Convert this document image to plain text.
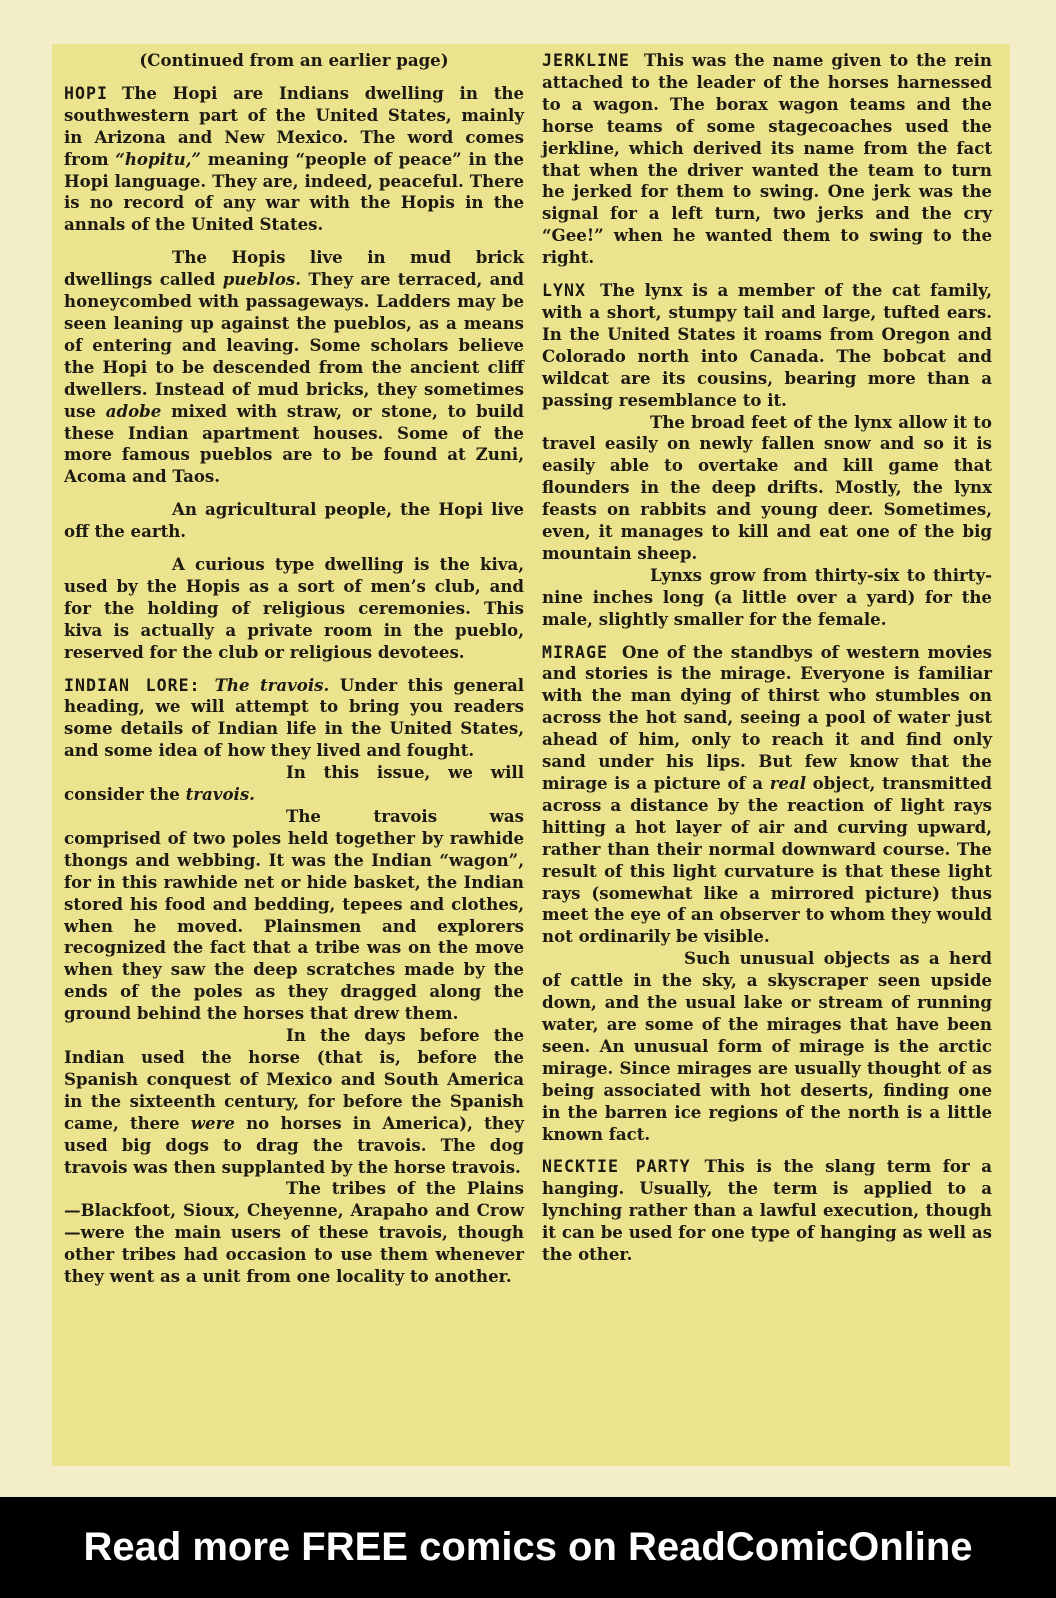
(Continued from an earlier page)

HOPI The Hopi are Indians dwelling in the southwestern part of the United States, mainly in Arizona and New Mexico. The word comes from “hopitu,” meaning “people of peace” in the Hopi language. They are, indeed, peaceful. There is no record of any war with the Hopis in the annals of the United States.

The Hopis live in mud brick dwellings called pueblos. They are terraced, and honeycombed with passageways. Ladders may be seen leaning up against the pueblos, as a means of entering and leaving. Some scholars believe the Hopi to be descended from the ancient cliff dwellers. Instead of mud bricks, they sometimes use adobe mixed with straw, or stone, to build these Indian apartment houses. Some of the more famous pueblos are to be found at Zuni, Acoma and Taos.

An agricultural people, the Hopi live off the earth.

A curious type dwelling is the kiva, used by the Hopis as a sort of men’s club, and for the holding of religious ceremonies. This kiva is actually a private room in the pueblo, reserved for the club or religious devotees.

INDIAN LORE: The travois. Under this general heading, we will attempt to bring you readers some details of Indian life in the United States, and some idea of how they lived and fought.

In this issue, we will consider the travois.

The travois was comprised of two poles held together by rawhide thongs and webbing. It was the Indian “wagon”, for in this rawhide net or hide basket, the Indian stored his food and bedding, tepees and clothes, when he moved. Plainsmen and explorers recognized the fact that a tribe was on the move when they saw the deep scratches made by the ends of the poles as they dragged along the ground behind the horses that drew them.

In the days before the Indian used the horse (that is, before the Spanish conquest of Mexico and South America in the sixteenth century, for before the Spanish came, there were no horses in America), they used big dogs to drag the travois. The dog travois was then supplanted by the horse travois.

The tribes of the Plains —Blackfoot, Sioux, Cheyenne, Arapaho and Crow—were the main users of these travois, though other tribes had occasion to use them whenever they went as a unit from one locality to another.

JERKLINE This was the name given to the rein attached to the leader of the horses harnessed to a wagon. The borax wagon teams and the horse teams of some stagecoaches used the jerkline, which derived its name from the fact that when the driver wanted the team to turn he jerked for them to swing. One jerk was the signal for a left turn, two jerks and the cry “Gee!” when he wanted them to swing to the right.

LYNX The lynx is a member of the cat family, with a short, stumpy tail and large, tufted ears. In the United States it roams from Oregon and Colorado north into Canada. The bobcat and wildcat are its cousins, bearing more than a passing resemblance to it.

The broad feet of the lynx allow it to travel easily on newly fallen snow and so it is easily able to overtake and kill game that flounders in the deep drifts. Mostly, the lynx feasts on rabbits and young deer. Sometimes, even, it manages to kill and eat one of the big mountain sheep.

Lynxs grow from thirty-six to thirty-nine inches long (a little over a yard) for the male, slightly smaller for the female.

MIRAGE One of the standbys of western movies and stories is the mirage. Everyone is familiar with the man dying of thirst who stumbles on across the hot sand, seeing a pool of water just ahead of him, only to reach it and find only sand under his lips. But few know that the mirage is a picture of a real object, transmitted across a distance by the reaction of light rays hitting a hot layer of air and curving upward, rather than their normal downward course. The result of this light curvature is that these light rays (somewhat like a mirrored picture) thus meet the eye of an observer to whom they would not ordinarily be visible.

Such unusual objects as a herd of cattle in the sky, a skyscraper seen upside down, and the usual lake or stream of running water, are some of the mirages that have been seen. An unusual form of mirage is the arctic mirage. Since mirages are usually thought of as being associated with hot deserts, finding one in the barren ice regions of the north is a little known fact.

NECKTIE PARTY This is the slang term for a hanging. Usually, the term is applied to a lynching rather than a lawful execution, though it can be used for one type of hanging as well as the other.

Read more FREE comics on ReadComicOnline
